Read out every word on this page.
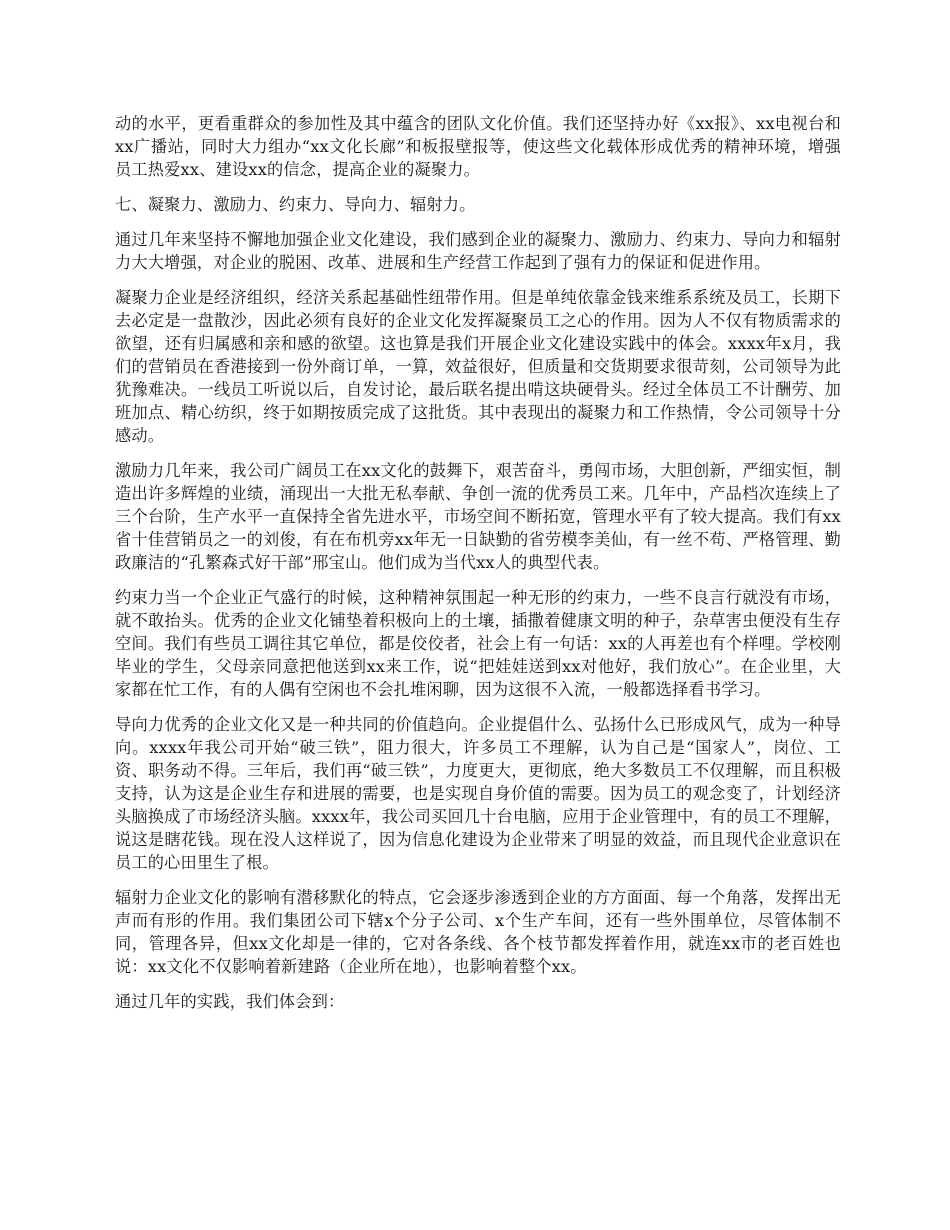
动的水平，更看重群众的参加性及其中蕴含的团队文化价值。我们还坚持办好《xx报》、xx电视台和xx广播站，同时大力组办“xx文化长廊”和板报壁报等，使这些文化载体形成优秀的精神环境，增强员工热爱xx、建设xx的信念，提高企业的凝聚力。

七、凝聚力、激励力、约束力、导向力、辐射力。

通过几年来坚持不懈地加强企业文化建设，我们感到企业的凝聚力、激励力、约束力、导向力和辐射力大大增强，对企业的脱困、改革、进展和生产经营工作起到了强有力的保证和促进作用。

凝聚力企业是经济组织，经济关系起基础性纽带作用。但是单纯依靠金钱来维系系统及员工，长期下去必定是一盘散沙，因此必须有良好的企业文化发挥凝聚员工之心的作用。因为人不仅有物质需求的欲望，还有归属感和亲和感的欲望。这也算是我们开展企业文化建设实践中的体会。xxxx年x月，我们的营销员在香港接到一份外商订单，一算，效益很好，但质量和交货期要求很苛刻，公司领导为此犹豫难决。一线员工听说以后，自发讨论，最后联名提出啃这块硬骨头。经过全体员工不计酬劳、加班加点、精心纺织，终于如期按质完成了这批货。其中表现出的凝聚力和工作热情，令公司领导十分感动。

激励力几年来，我公司广阔员工在xx文化的鼓舞下，艰苦奋斗，勇闯市场，大胆创新，严细实恒，制造出许多辉煌的业绩，涌现出一大批无私奉献、争创一流的优秀员工来。几年中，产品档次连续上了三个台阶，生产水平一直保持全省先进水平，市场空间不断拓宽，管理水平有了较大提高。我们有xx省十佳营销员之一的刘俊，有在布机旁xx年无一日缺勤的省劳模李美仙，有一丝不苟、严格管理、勤政廉洁的“孔繁森式好干部”邢宝山。他们成为当代xx人的典型代表。

约束力当一个企业正气盛行的时候，这种精神氛围起一种无形的约束力，一些不良言行就没有市场，就不敢抬头。优秀的企业文化铺垫着积极向上的土壤，插撒着健康文明的种子，杂草害虫便没有生存空间。我们有些员工调往其它单位，都是佼佼者，社会上有一句话：xx的人再差也有个样哩。学校刚毕业的学生，父母亲同意把他送到xx来工作，说“把娃娃送到xx对他好，我们放心”。在企业里，大家都在忙工作，有的人偶有空闲也不会扎堆闲聊，因为这很不入流，一般都选择看书学习。

导向力优秀的企业文化又是一种共同的价值趋向。企业提倡什么、弘扬什么已形成风气，成为一种导向。xxxx年我公司开始“破三铁”，阻力很大，许多员工不理解，认为自己是“国家人”，岗位、工资、职务动不得。三年后，我们再“破三铁”，力度更大，更彻底，绝大多数员工不仅理解，而且积极支持，认为这是企业生存和进展的需要，也是实现自身价值的需要。因为员工的观念变了，计划经济头脑换成了市场经济头脑。xxxx年，我公司买回几十台电脑，应用于企业管理中，有的员工不理解，说这是瞎花钱。现在没人这样说了，因为信息化建设为企业带来了明显的效益，而且现代企业意识在员工的心田里生了根。

辐射力企业文化的影响有潜移默化的特点，它会逐步渗透到企业的方方面面、每一个角落，发挥出无声而有形的作用。我们集团公司下辖x个分子公司、x个生产车间，还有一些外围单位，尽管体制不同，管理各异，但xx文化却是一律的，它对各条线、各个枝节都发挥着作用，就连xx市的老百姓也说：xx文化不仅影响着新建路（企业所在地），也影响着整个xx。

通过几年的实践，我们体会到：
